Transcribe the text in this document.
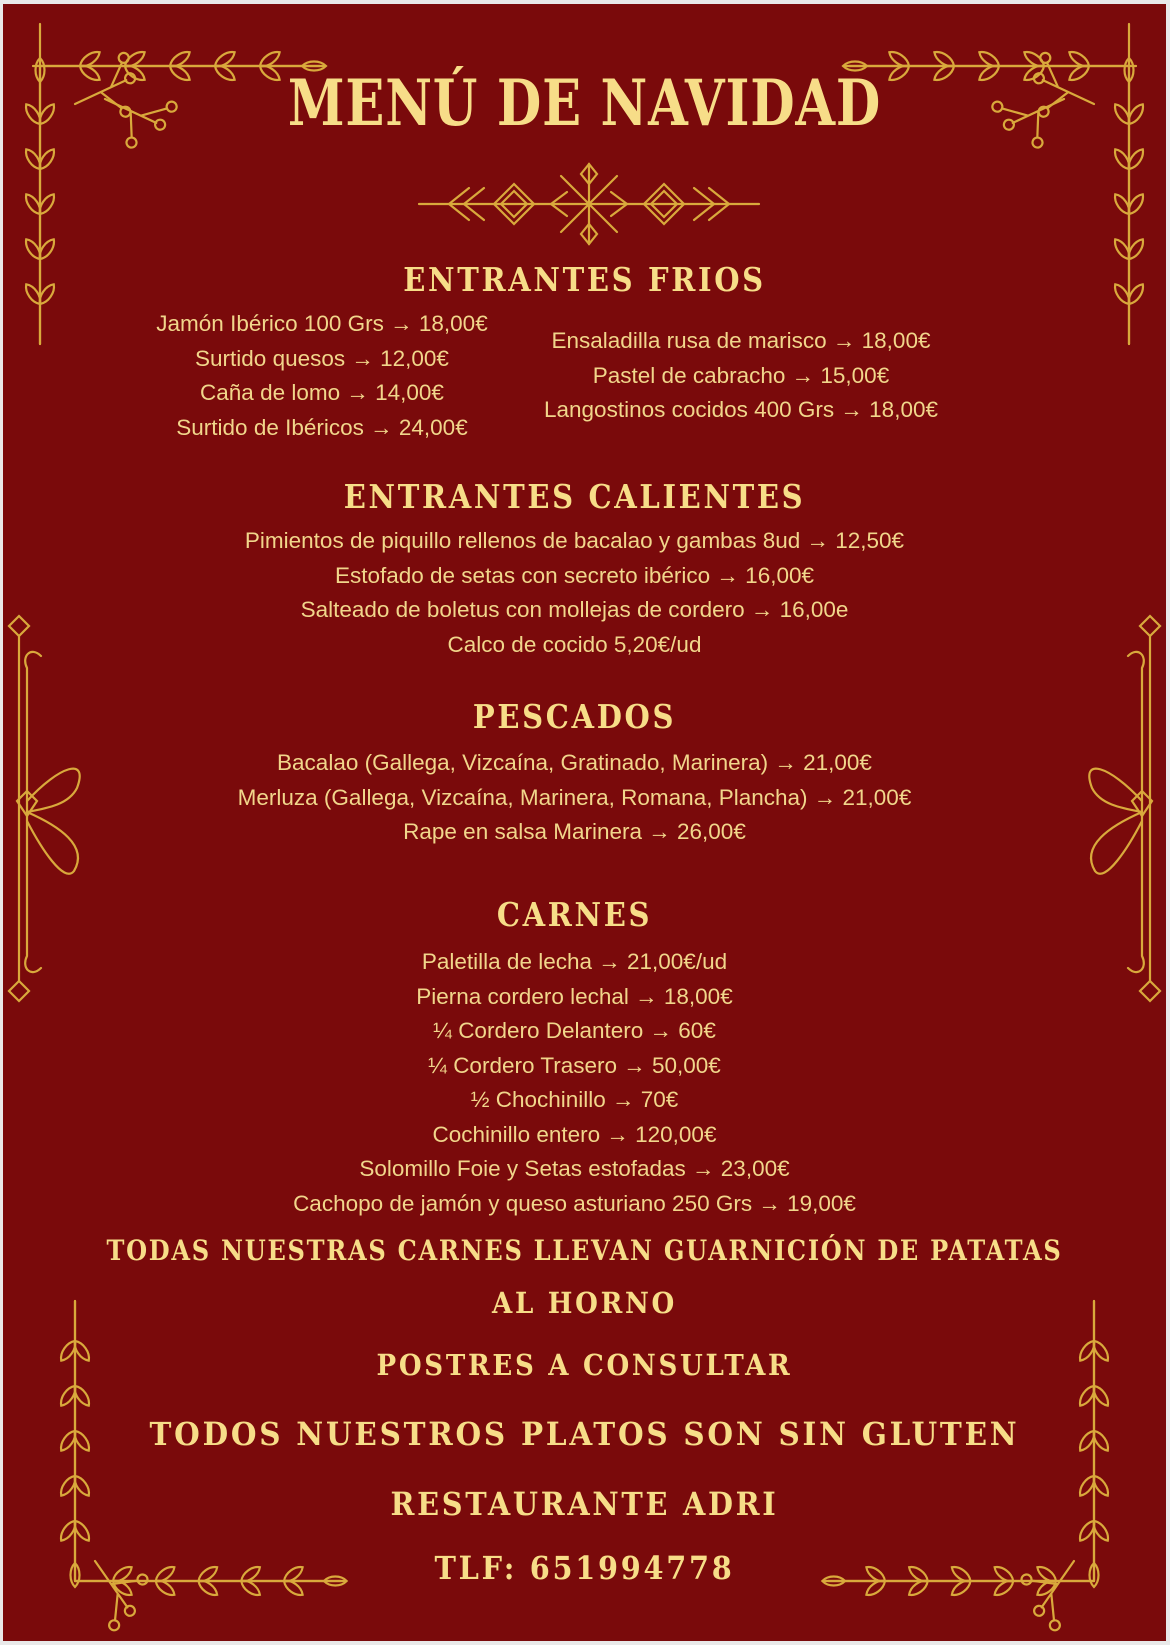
MENÚ DE NAVIDAD
ENTRANTES FRIOS
Jamón Ibérico 100 Grs → 18,00€
Surtido quesos → 12,00€
Caña de lomo → 14,00€
Surtido de Ibéricos → 24,00€
Ensaladilla rusa de marisco → 18,00€
Pastel de cabracho → 15,00€
Langostinos cocidos 400 Grs → 18,00€
ENTRANTES CALIENTES
Pimientos de piquillo rellenos de bacalao y gambas 8ud → 12,50€
Estofado de setas con secreto ibérico → 16,00€
Salteado de boletus con mollejas de cordero → 16,00e
Calco de cocido 5,20€/ud
PESCADOS
Bacalao (Gallega, Vizcaína, Gratinado, Marinera) → 21,00€
Merluza (Gallega, Vizcaína, Marinera, Romana, Plancha) → 21,00€
Rape en salsa Marinera → 26,00€
CARNES
Paletilla de lecha → 21,00€/ud
Pierna cordero lechal → 18,00€
¼ Cordero Delantero → 60€
¼ Cordero Trasero → 50,00€
½ Chochinillo → 70€
Cochinillo entero → 120,00€
Solomillo Foie y Setas estofadas → 23,00€
Cachopo de jamón y queso asturiano 250 Grs → 19,00€
TODAS NUESTRAS CARNES LLEVAN GUARNICIÓN DE PATATAS
AL HORNO
POSTRES A CONSULTAR
TODOS NUESTROS PLATOS SON SIN GLUTEN
RESTAURANTE ADRI
TLF: 651994778
